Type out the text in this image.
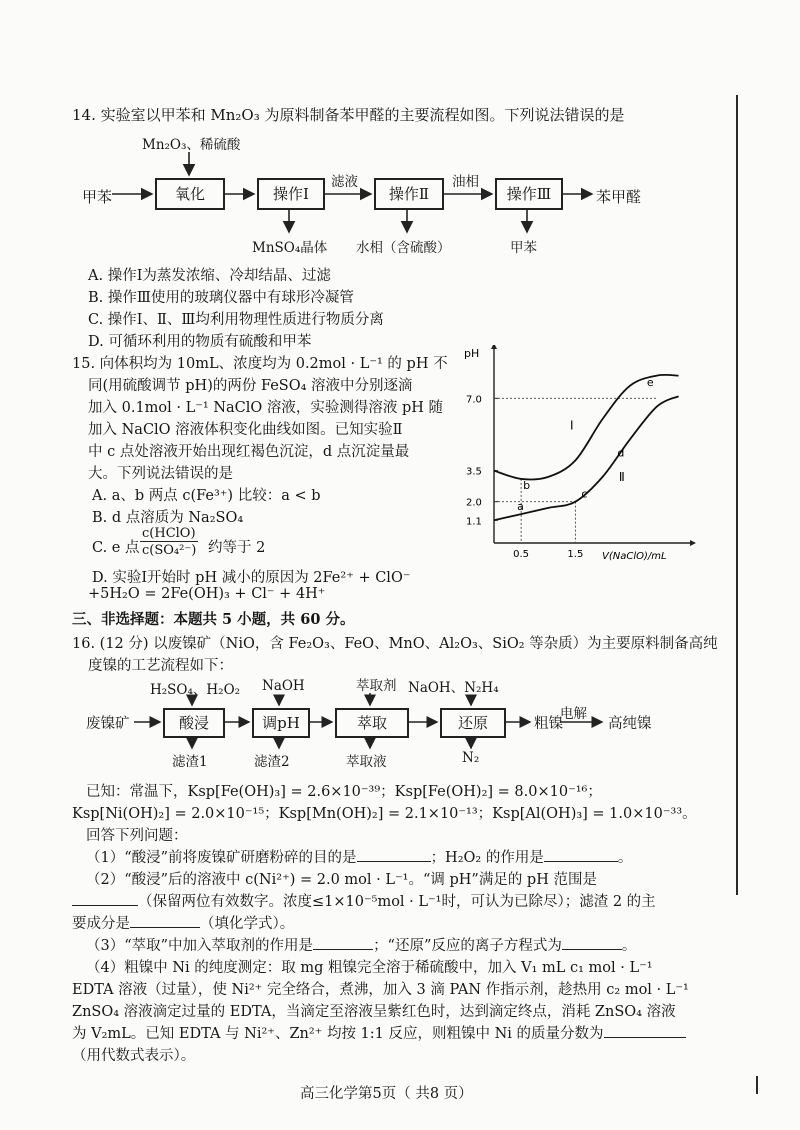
14. 实验室以甲苯和 Mn₂O₃ 为原料制备苯甲醛的主要流程如图。下列说法错误的是
Mn₂O₃、稀硫酸
甲苯	氧化	操作Ⅰ	操作Ⅱ	操作Ⅲ
滤液	油相
苯甲醛
MnSO₄晶体 水相（含硫酸）	甲苯
A. 操作Ⅰ为蒸发浓缩、冷却结晶、过滤
B. 操作Ⅲ使用的玻璃仪器中有球形冷凝管
C. 操作Ⅰ、Ⅱ、Ⅲ均利用物理性质进行物质分离
D. 可循环利用的物质有硫酸和甲苯
15. 向体积均为 10mL、浓度均为 0.2mol · L⁻¹ 的 pH 不
同(用硫酸调节 pH)的两份 FeSO₄ 溶液中分别逐滴
加入 0.1mol · L⁻¹ NaClO 溶液，实验测得溶液 pH 随
加入 NaClO 溶液体积变化曲线如图。已知实验Ⅱ
中 c 点处溶液开始出现红褐色沉淀，d 点沉淀量最
大。下列说法错误的是
A. a、b 两点 c(Fe³⁺) 比较：a < b
B. d 点溶质为 Na₂SO₄
C. e 点
c(HClO)
c(SO₄²⁻) 约等于 2
D. 实验Ⅰ开始时 pH 减小的原因为 2Fe²⁺ + ClO⁻
+5H₂O = 2Fe(OH)₃ + Cl⁻ + 4H⁺
pH
V(NaClO)/mL
1.1
2.0
3.5
7.0
0.5	1.5
Ⅰ
Ⅱ
a
b
c
d
e
三、非选择题：本题共 5 小题，共 60 分。
16. (12 分) 以废镍矿（NiO，含 Fe₂O₃、FeO、MnO、Al₂O₃、SiO₂ 等杂质）为主要原料制备高纯
度镍的工艺流程如下：
H₂SO₄、H₂O₂ NaOH	萃取剂 NaOH、N₂H₄
废镍矿	酸浸	调pH	萃取	还原	粗镍
电解
高纯镍
滤渣1	滤渣2	萃取液	N₂
已知：常温下，Ksp[Fe(OH)₃] = 2.6×10⁻³⁹；Ksp[Fe(OH)₂] = 8.0×10⁻¹⁶；
Ksp[Ni(OH)₂] = 2.0×10⁻¹⁵；Ksp[Mn(OH)₂] = 2.1×10⁻¹³；Ksp[Al(OH)₃] = 1.0×10⁻³³。
回答下列问题：
（1）“酸浸”前将废镍矿研磨粉碎的目的是	；H₂O₂ 的作用是	。
（2）“酸浸”后的溶液中 c(Ni²⁺) = 2.0 mol · L⁻¹。“调 pH”满足的 pH 范围是
（保留两位有效数字。浓度≤1×10⁻⁵mol · L⁻¹时，可认为已除尽）；滤渣 2 的主
要成分是	（填化学式）。
（3）“萃取”中加入萃取剂的作用是	；“还原”反应的离子方程式为	。
（4）粗镍中 Ni 的纯度测定：取 mg 粗镍完全溶于稀硫酸中，加入 V₁ mL c₁ mol · L⁻¹
EDTA 溶液（过量），使 Ni²⁺ 完全络合，煮沸，加入 3 滴 PAN 作指示剂，趁热用 c₂ mol · L⁻¹
ZnSO₄ 溶液滴定过量的 EDTA，当滴定至溶液呈紫红色时，达到滴定终点，消耗 ZnSO₄ 溶液
为 V₂mL。已知 EDTA 与 Ni²⁺、Zn²⁺ 均按 1:1 反应，则粗镍中 Ni 的质量分数为
（用代数式表示）。
高三化学第5页（ 共8 页）
